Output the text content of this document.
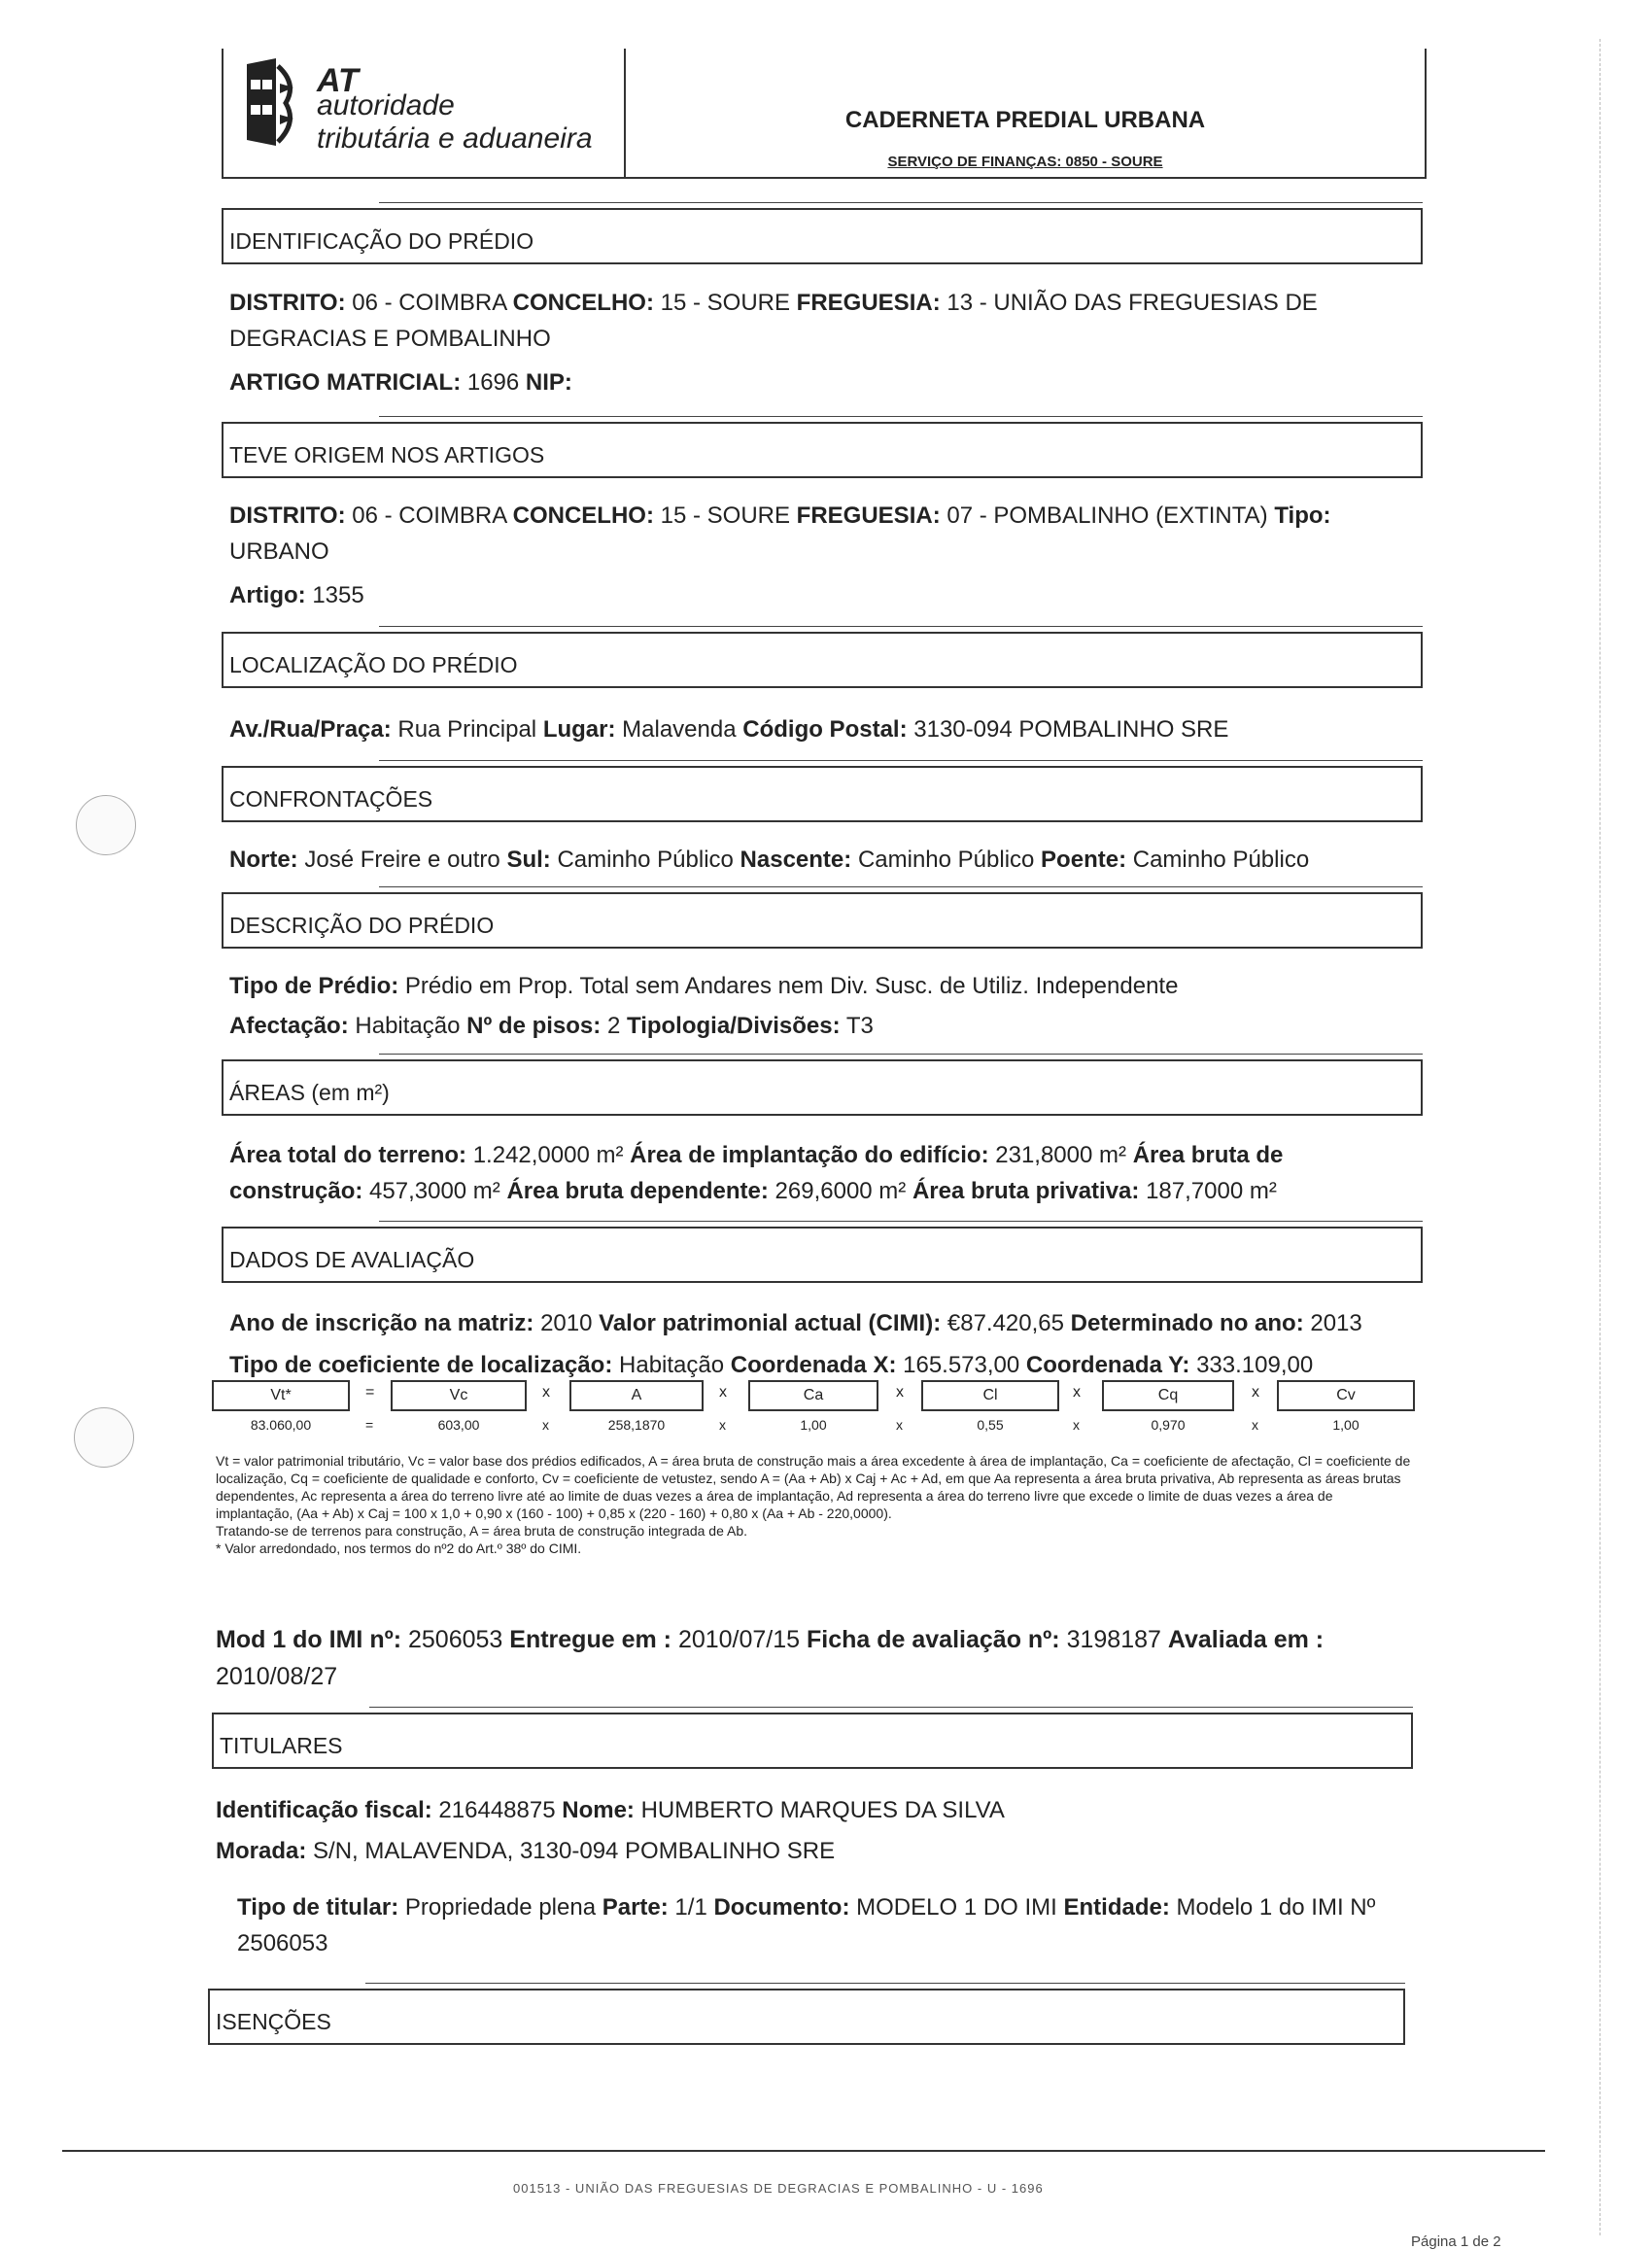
AT
autoridade
tributária e aduaneira
CADERNETA PREDIAL URBANA
SERVIÇO DE FINANÇAS: 0850 - SOURE
IDENTIFICAÇÃO DO PRÉDIO
DISTRITO: 06 - COIMBRA CONCELHO: 15 - SOURE FREGUESIA: 13 - UNIÃO DAS FREGUESIAS DE DEGRACIAS E POMBALINHO
ARTIGO MATRICIAL: 1696 NIP:
TEVE ORIGEM NOS ARTIGOS
DISTRITO: 06 - COIMBRA CONCELHO: 15 - SOURE FREGUESIA: 07 - POMBALINHO (EXTINTA) Tipo: URBANO
Artigo: 1355
LOCALIZAÇÃO DO PRÉDIO
Av./Rua/Praça: Rua Principal Lugar: Malavenda Código Postal: 3130-094 POMBALINHO SRE
CONFRONTAÇÕES
Norte: José Freire e outro Sul: Caminho Público Nascente: Caminho Público Poente: Caminho Público
DESCRIÇÃO DO PRÉDIO
Tipo de Prédio: Prédio em Prop. Total sem Andares nem Div. Susc. de Utiliz. Independente
Afectação: Habitação Nº de pisos: 2 Tipologia/Divisões: T3
ÁREAS (em m²)
Área total do terreno: 1.242,0000 m² Área de implantação do edifício: 231,8000 m² Área bruta de construção: 457,3000 m² Área bruta dependente: 269,6000 m² Área bruta privativa: 187,7000 m²
DADOS DE AVALIAÇÃO
Ano de inscrição na matriz: 2010 Valor patrimonial actual (CIMI): €87.420,65 Determinado no ano: 2013
Tipo de coeficiente de localização: Habitação Coordenada X: 165.573,00 Coordenada Y: 333.109,00
Vt*	=	Vc	x	A	x	Ca	x	Cl	x	Cq	x	Cv
83.060,00	=	603,00	x	258,1870	x	1,00	x	0,55	x	0,970	x	1,00

Vt = valor patrimonial tributário, Vc = valor base dos prédios edificados, A = área bruta de construção mais a área excedente à área de implantação, Ca = coeficiente de afectação, Cl = coeficiente de localização, Cq = coeficiente de qualidade e conforto, Cv = coeficiente de vetustez, sendo A = (Aa + Ab) x Caj + Ac + Ad, em que Aa representa a área bruta privativa, Ab representa as áreas brutas dependentes, Ac representa a área do terreno livre até ao limite de duas vezes a área de implantação, Ad representa a área do terreno livre que excede o limite de duas vezes a área de implantação, (Aa + Ab) x Caj = 100 x 1,0 + 0,90 x (160 - 100) + 0,85 x (220 - 160) + 0,80 x (Aa + Ab - 220,0000).

Tratando-se de terrenos para construção, A = área bruta de construção integrada de Ab.

* Valor arredondado, nos termos do nº2 do Art.º 38º do CIMI.

Mod 1 do IMI nº: 2506053 Entregue em : 2010/07/15 Ficha de avaliação nº: 3198187 Avaliada em : 2010/08/27
TITULARES
Identificação fiscal: 216448875 Nome: HUMBERTO MARQUES DA SILVA
Morada: S/N, MALAVENDA, 3130-094 POMBALINHO SRE
Tipo de titular: Propriedade plena Parte: 1/1 Documento: MODELO 1 DO IMI Entidade: Modelo 1 do IMI Nº 2506053
ISENÇÕES
001513 - UNIÃO DAS FREGUESIAS DE DEGRACIAS E POMBALINHO - U - 1696
Página 1 de 2
